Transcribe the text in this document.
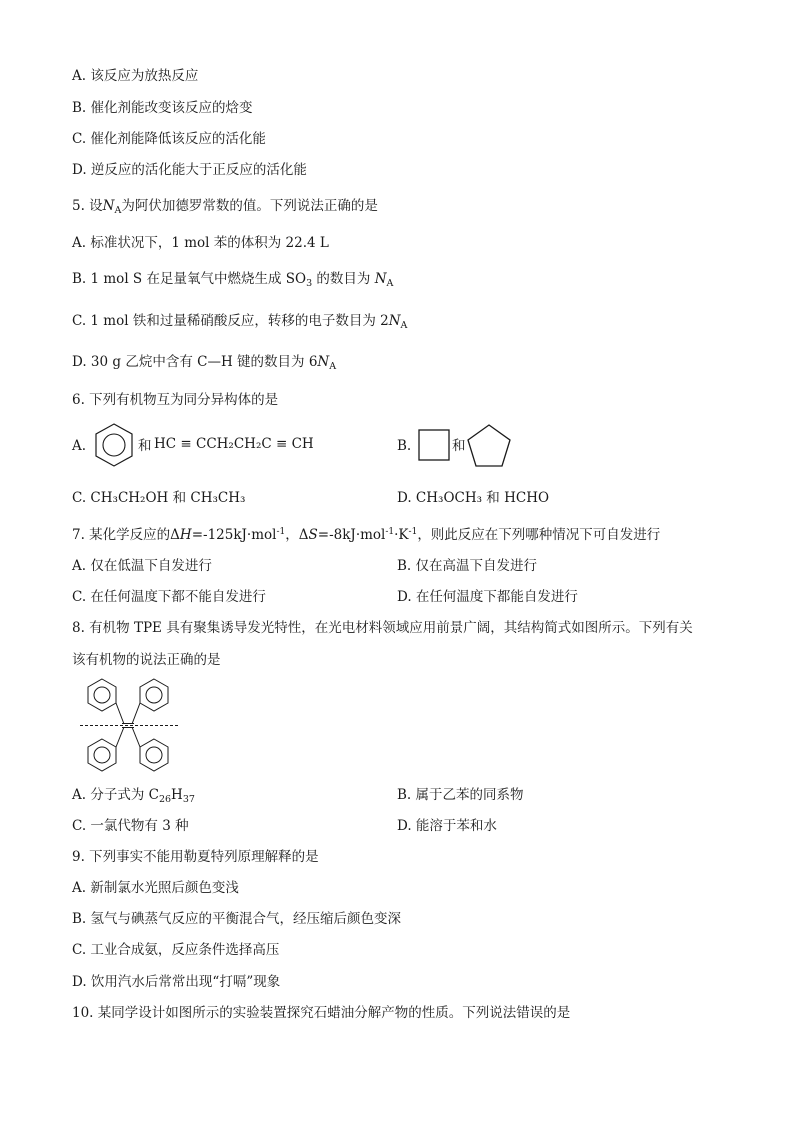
A. 该反应为放热反应
B. 催化剂能改变该反应的焓变
C. 催化剂能降低该反应的活化能
D. 逆反应的活化能大于正反应的活化能
5. 设$N_A$为阿伏加德罗常数的值。下列说法正确的是
A. 标准状况下，1 mol 苯的体积为 22.4 L
B. 1 mol S 在足量氧气中燃烧生成 $SO_3$ 的数目为 $N_A$
C. 1 mol 铁和过量稀硝酸反应，转移的电子数目为 $2N_A$
D. 30 g 乙烷中含有 C—H 键的数目为 $6N_A$
6. 下列有机物互为同分异构体的是
A.	和 HC ≡ CCH₂CH₂C ≡ CH	B.	和
C. CH₃CH₂OH 和 CH₃CH₃	D. CH₃OCH₃ 和 HCHO
7. 某化学反应的ΔH=-125kJ·mol$^{-1}$，$\Delta S=-8kJ\cdot mol^{-1}\cdot K^{-1}$，则此反应在下列哪种情况下可自发进行
A. 仅在低温下自发进行	B. 仅在高温下自发进行
C. 在任何温度下都不能自发进行	D. 在任何温度下都能自发进行
8. 有机物 TPE 具有聚集诱导发光特性，在光电材料领域应用前景广阔，其结构简式如图所示。下列有关
该有机物的说法正确的是
A. 分子式为 $C_{26}H_{37}$	B. 属于乙苯的同系物
C. 一氯代物有 3 种	D. 能溶于苯和水
9. 下列事实不能用勒夏特列原理解释的是
A. 新制氯水光照后颜色变浅
B. 氢气与碘蒸气反应的平衡混合气，经压缩后颜色变深
C. 工业合成氨，反应条件选择高压
D. 饮用汽水后常常出现“打嗝”现象
10. 某同学设计如图所示的实验装置探究石蜡油分解产物的性质。下列说法错误的是
